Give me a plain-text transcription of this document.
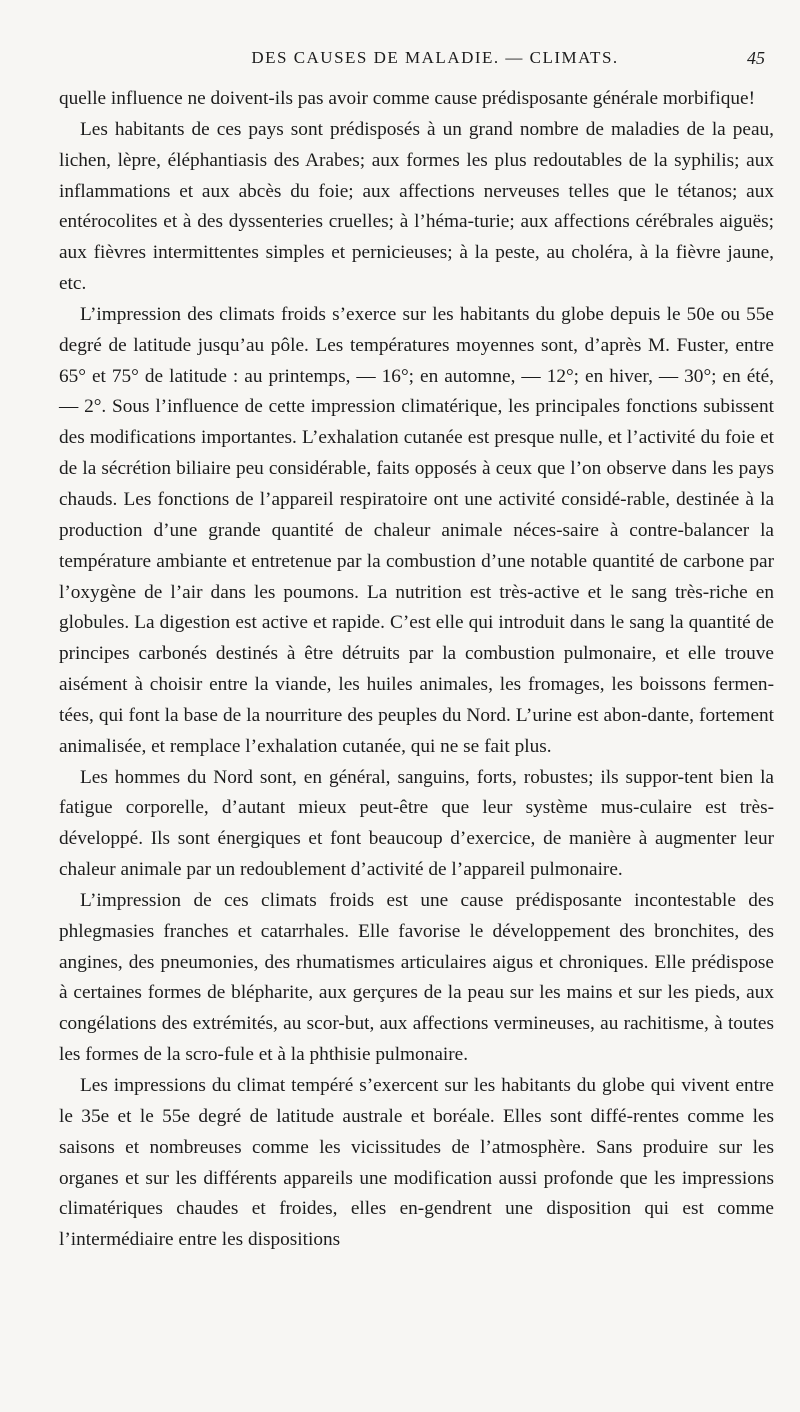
DES CAUSES DE MALADIE. — CLIMATS.	45

quelle influence ne doivent-ils pas avoir comme cause prédisposante générale morbifique!

Les habitants de ces pays sont prédisposés à un grand nombre de maladies de la peau, lichen, lèpre, éléphantiasis des Arabes; aux formes les plus redoutables de la syphilis; aux inflammations et aux abcès du foie; aux affections nerveuses telles que le tétanos; aux entérocolites et à des dyssenteries cruelles; à l’héma-turie; aux affections cérébrales aiguës; aux fièvres intermittentes simples et pernicieuses; à la peste, au choléra, à la fièvre jaune, etc.

L’impression des climats froids s’exerce sur les habitants du globe depuis le 50e ou 55e degré de latitude jusqu’au pôle. Les températures moyennes sont, d’après M. Fuster, entre 65° et 75° de latitude : au printemps, — 16°; en automne, — 12°; en hiver, — 30°; en été, — 2°. Sous l’influence de cette impression climatérique, les principales fonctions subissent des modifications importantes. L’exhalation cutanée est presque nulle, et l’activité du foie et de la sécrétion biliaire peu considérable, faits opposés à ceux que l’on observe dans les pays chauds. Les fonctions de l’appareil respiratoire ont une activité considé-rable, destinée à la production d’une grande quantité de chaleur animale néces-saire à contre-balancer la température ambiante et entretenue par la combustion d’une notable quantité de carbone par l’oxygène de l’air dans les poumons. La nutrition est très-active et le sang très-riche en globules. La digestion est active et rapide. C’est elle qui introduit dans le sang la quantité de principes carbonés destinés à être détruits par la combustion pulmonaire, et elle trouve aisément à choisir entre la viande, les huiles animales, les fromages, les boissons fermen-tées, qui font la base de la nourriture des peuples du Nord. L’urine est abon-dante, fortement animalisée, et remplace l’exhalation cutanée, qui ne se fait plus.

Les hommes du Nord sont, en général, sanguins, forts, robustes; ils suppor-tent bien la fatigue corporelle, d’autant mieux peut-être que leur système mus-culaire est très-développé. Ils sont énergiques et font beaucoup d’exercice, de manière à augmenter leur chaleur animale par un redoublement d’activité de l’appareil pulmonaire.

L’impression de ces climats froids est une cause prédisposante incontestable des phlegmasies franches et catarrhales. Elle favorise le développement des bronchites, des angines, des pneumonies, des rhumatismes articulaires aigus et chroniques. Elle prédispose à certaines formes de blépharite, aux gerçures de la peau sur les mains et sur les pieds, aux congélations des extrémités, au scor-but, aux affections vermineuses, au rachitisme, à toutes les formes de la scro-fule et à la phthisie pulmonaire.

Les impressions du climat tempéré s’exercent sur les habitants du globe qui vivent entre le 35e et le 55e degré de latitude australe et boréale. Elles sont diffé-rentes comme les saisons et nombreuses comme les vicissitudes de l’atmosphère. Sans produire sur les organes et sur les différents appareils une modification aussi profonde que les impressions climatériques chaudes et froides, elles en-gendrent une disposition qui est comme l’intermédiaire entre les dispositions
